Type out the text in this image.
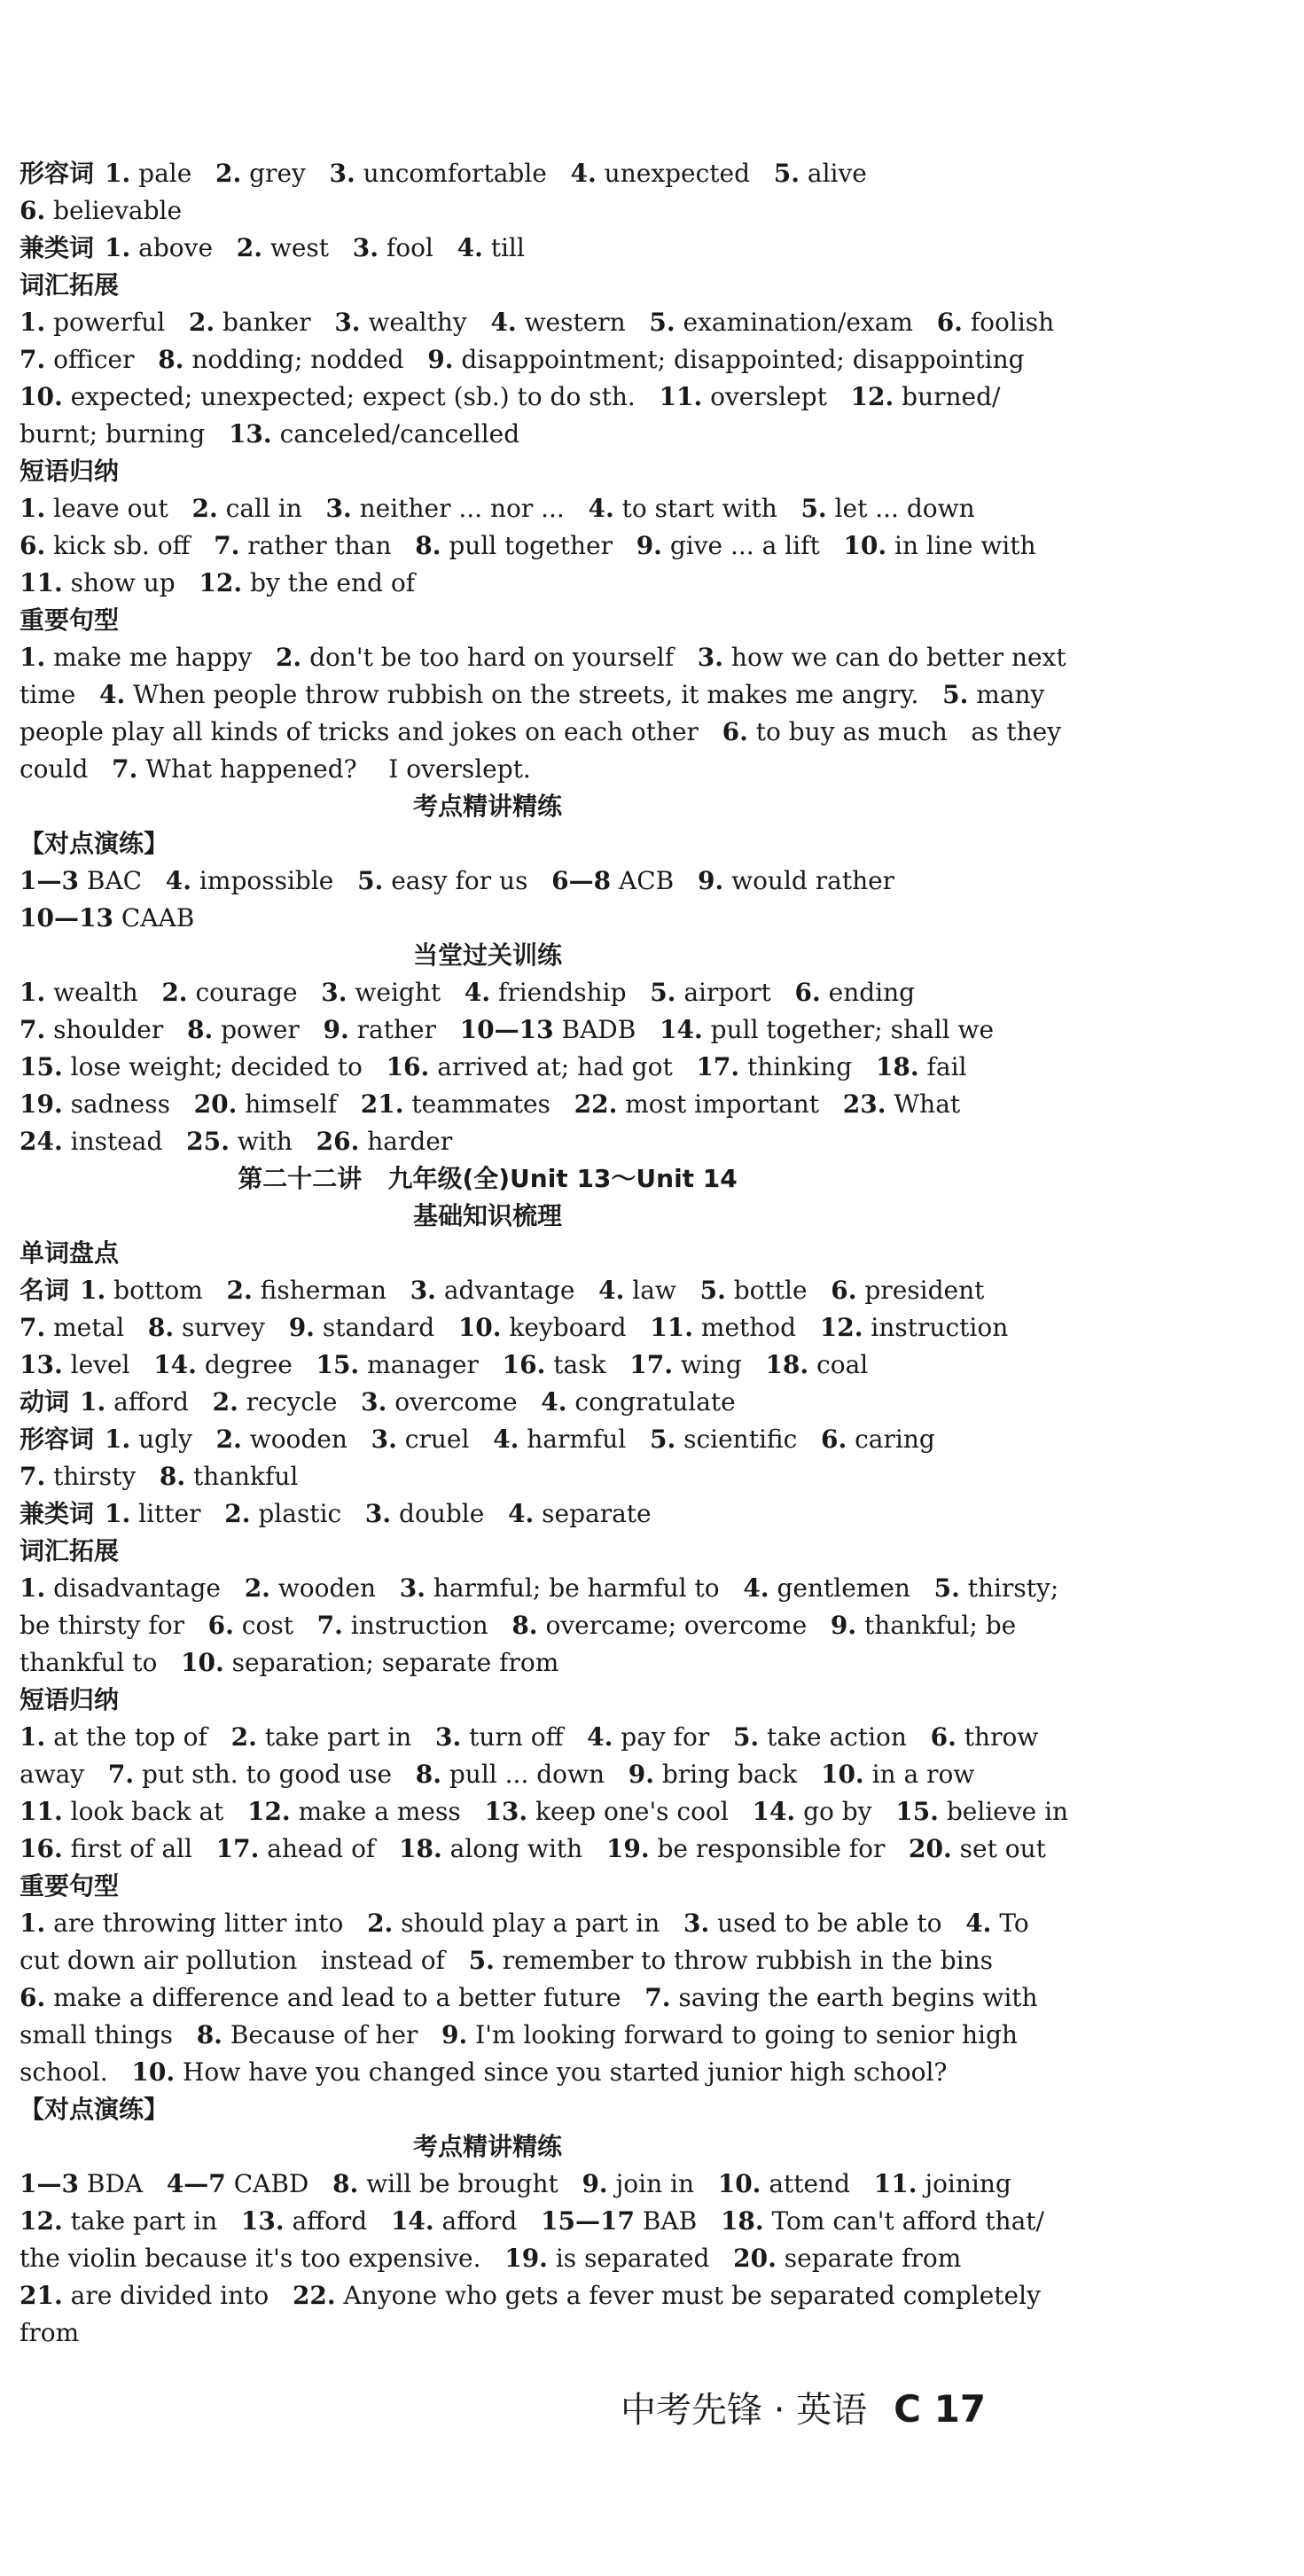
形容词 1. pale   2. grey   3. uncomfortable   4. unexpected   5. alive
6. believable
兼类词 1. above   2. west   3. fool   4. till
词汇拓展
1. powerful   2. banker   3. wealthy   4. western   5. examination/exam   6. foolish
7. officer   8. nodding; nodded   9. disappointment; disappointed; disappointing
10. expected; unexpected; expect (sb.) to do sth.   11. overslept   12. burned/
burnt; burning   13. canceled/cancelled
短语归纳
1. leave out   2. call in   3. neither ... nor ...   4. to start with   5. let ... down
6. kick sb. off   7. rather than   8. pull together   9. give ... a lift   10. in line with
11. show up   12. by the end of
重要句型
1. make me happy   2. don't be too hard on yourself   3. how we can do better next
time   4. When people throw rubbish on the streets, it makes me angry.   5. many
people play all kinds of tricks and jokes on each other   6. to buy as much   as they
could   7. What happened?    I overslept.
考点精讲精练
【对点演练】
1—3 BAC   4. impossible   5. easy for us   6—8 ACB   9. would rather
10—13 CAAB
当堂过关训练
1. wealth   2. courage   3. weight   4. friendship   5. airport   6. ending
7. shoulder   8. power   9. rather   10—13 BADB   14. pull together; shall we
15. lose weight; decided to   16. arrived at; had got   17. thinking   18. fail
19. sadness   20. himself   21. teammates   22. most important   23. What
24. instead   25. with   26. harder
第二十二讲   九年级(全)Unit 13～Unit 14
基础知识梳理
单词盘点
名词 1. bottom   2. fisherman   3. advantage   4. law   5. bottle   6. president
7. metal   8. survey   9. standard   10. keyboard   11. method   12. instruction
13. level   14. degree   15. manager   16. task   17. wing   18. coal
动词 1. afford   2. recycle   3. overcome   4. congratulate
形容词 1. ugly   2. wooden   3. cruel   4. harmful   5. scientific   6. caring
7. thirsty   8. thankful
兼类词 1. litter   2. plastic   3. double   4. separate
词汇拓展
1. disadvantage   2. wooden   3. harmful; be harmful to   4. gentlemen   5. thirsty;
be thirsty for   6. cost   7. instruction   8. overcame; overcome   9. thankful; be
thankful to   10. separation; separate from
短语归纳
1. at the top of   2. take part in   3. turn off   4. pay for   5. take action   6. throw
away   7. put sth. to good use   8. pull ... down   9. bring back   10. in a row
11. look back at   12. make a mess   13. keep one's cool   14. go by   15. believe in
16. first of all   17. ahead of   18. along with   19. be responsible for   20. set out
重要句型
1. are throwing litter into   2. should play a part in   3. used to be able to   4. To
cut down air pollution   instead of   5. remember to throw rubbish in the bins
6. make a difference and lead to a better future   7. saving the earth begins with
small things   8. Because of her   9. I'm looking forward to going to senior high
school.   10. How have you changed since you started junior high school?
【对点演练】
考点精讲精练
1—3 BDA   4—7 CABD   8. will be brought   9. join in   10. attend   11. joining
12. take part in   13. afford   14. afford   15—17 BAB   18. Tom can't afford that/
the violin because it's too expensive.   19. is separated   20. separate from
21. are divided into   22. Anyone who gets a fever must be separated completely
from
中考先锋 · 英语 C 17
